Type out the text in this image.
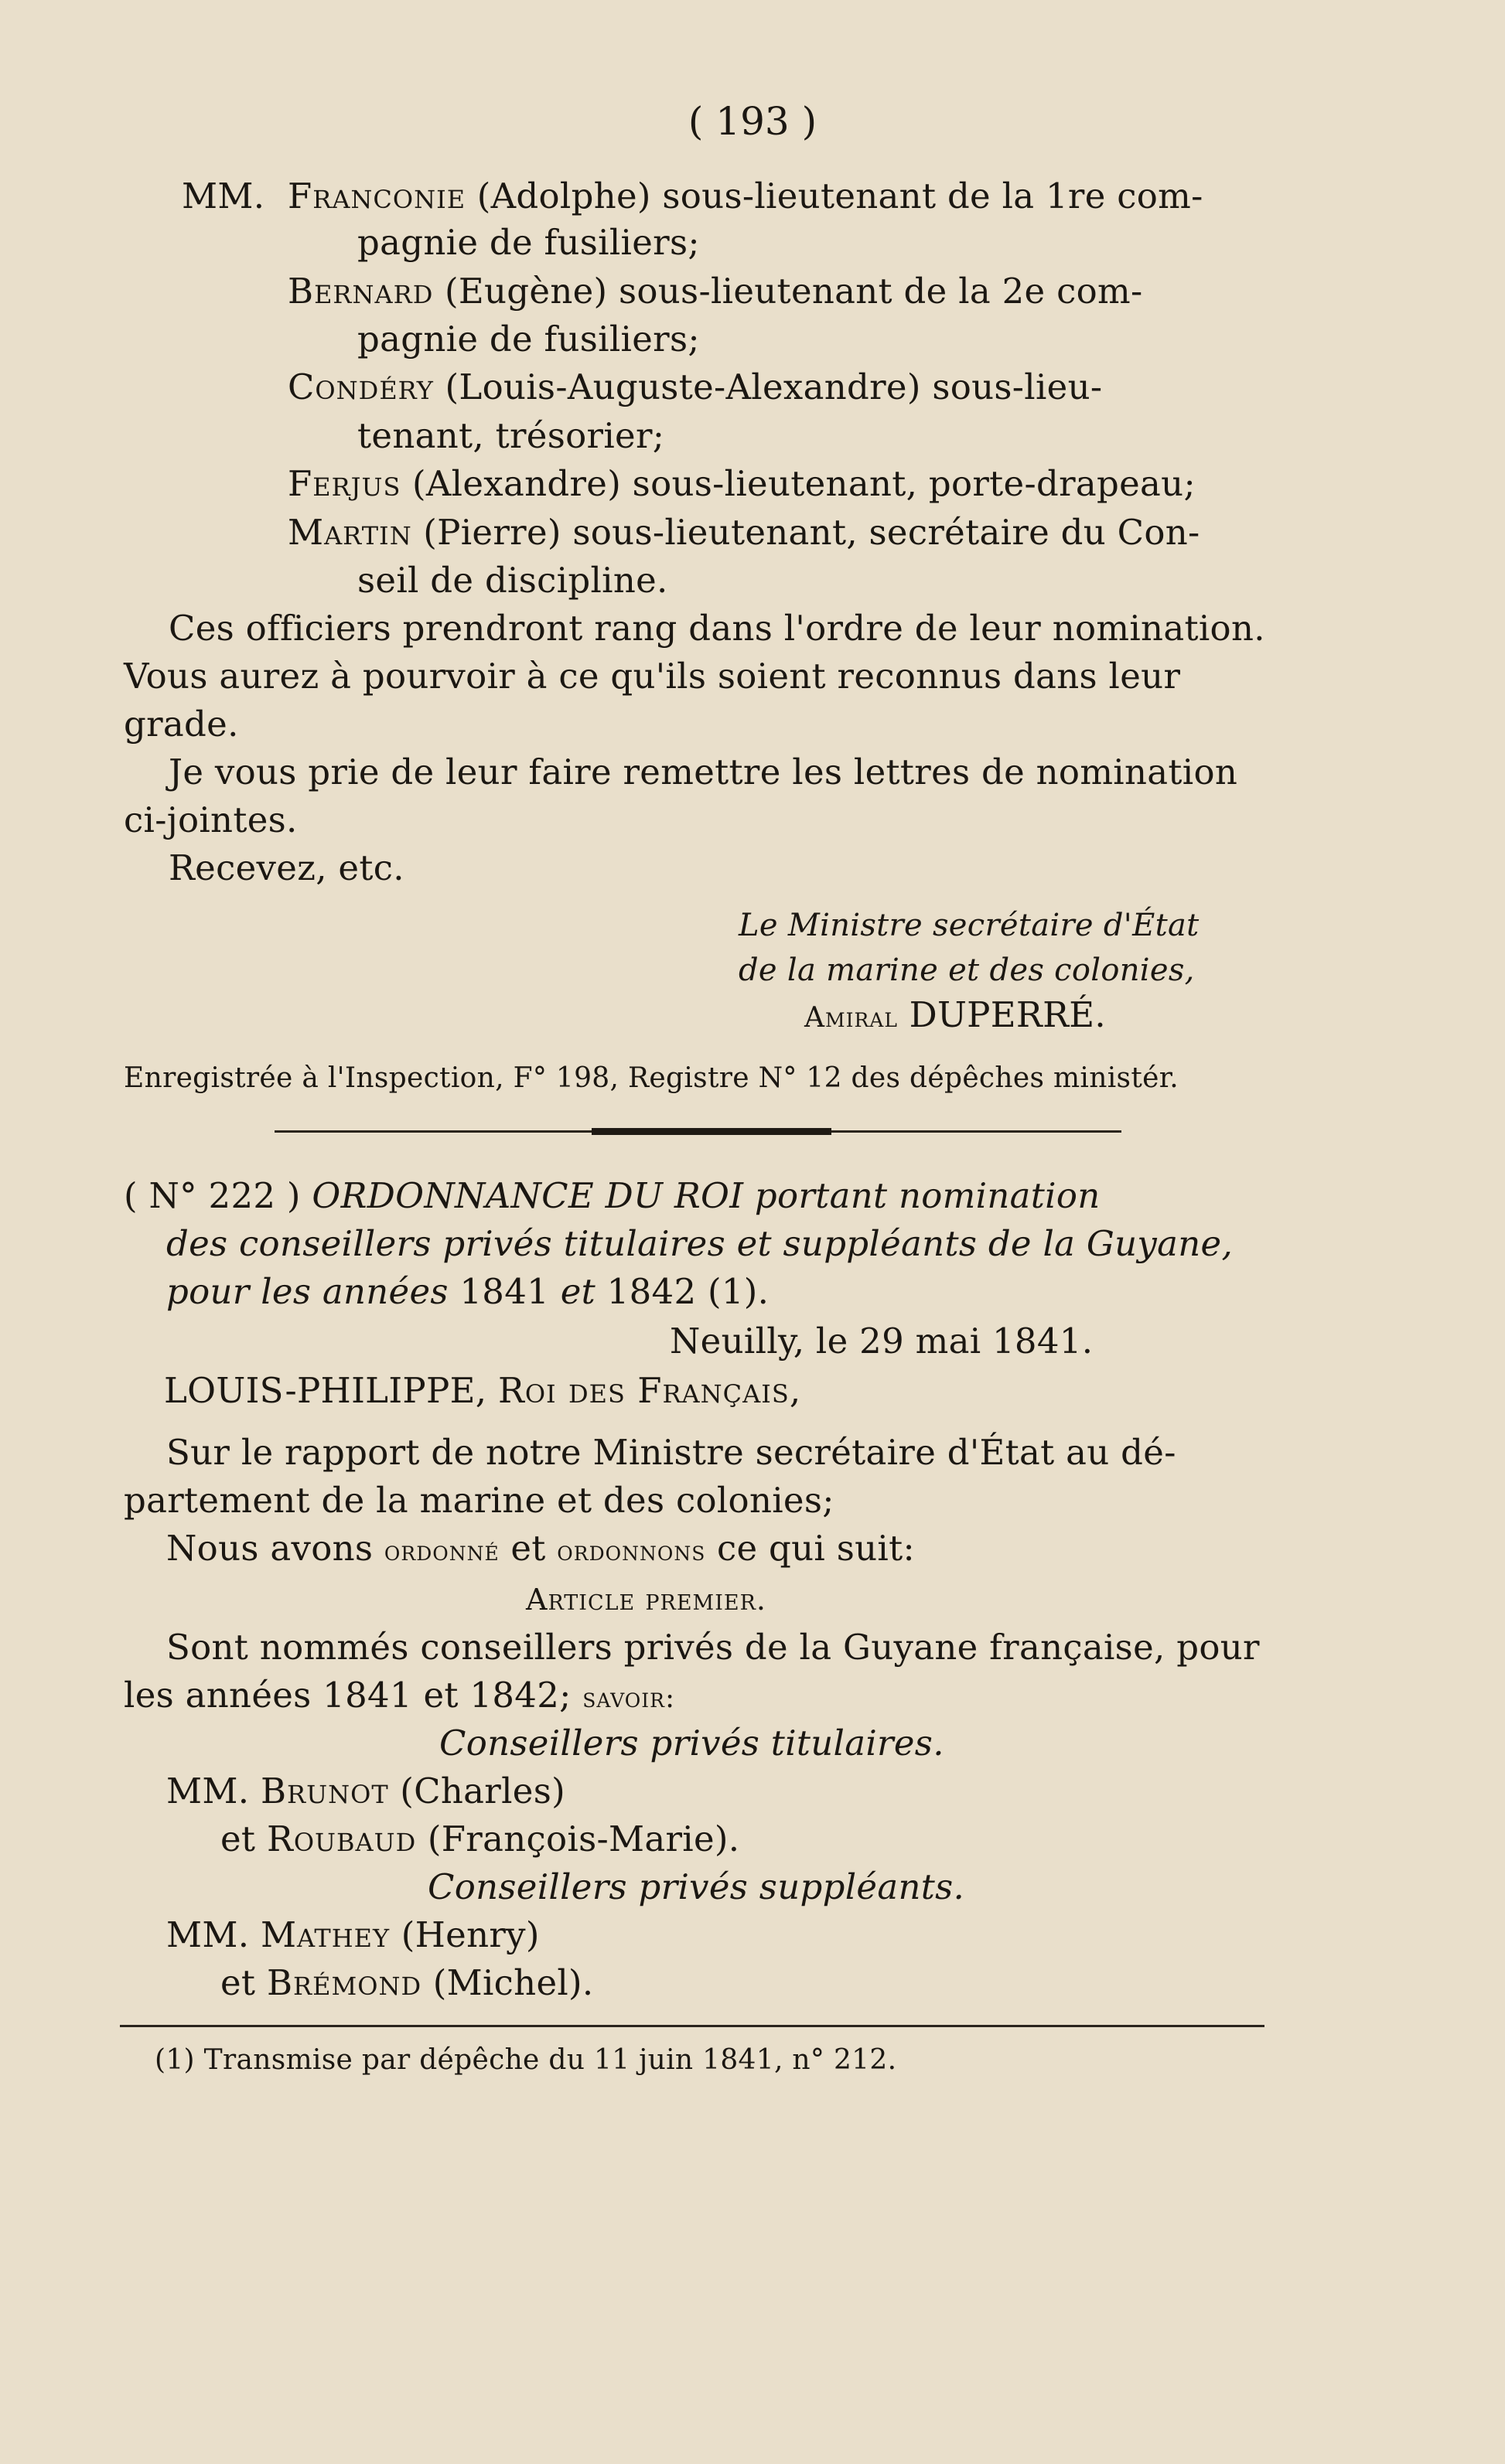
( 193 )
MM. Franconie (Adolphe) sous-lieutenant de la 1re com-
pagnie de fusiliers;
Bernard (Eugène) sous-lieutenant de la 2e com-
pagnie de fusiliers;
Condéry (Louis-Auguste-Alexandre) sous-lieu-
tenant, trésorier;
Ferjus (Alexandre) sous-lieutenant, porte-drapeau;
Martin (Pierre) sous-lieutenant, secrétaire du Con-
seil de discipline.
Ces officiers prendront rang dans l'ordre de leur nomination.
Vous aurez à pourvoir à ce qu'ils soient reconnus dans leur
grade.
Je vous prie de leur faire remettre les lettres de nomination
ci-jointes.
Recevez, etc.
Le Ministre secrétaire d'État
de la marine et des colonies,
Amiral DUPERRÉ.
Enregistrée à l'Inspection, F° 198, Registre N° 12 des dépêches ministér.
( N° 222 ) ORDONNANCE DU ROI portant nomination
des conseillers privés titulaires et suppléants de la Guyane,
pour les années 1841 et 1842 (1).
Neuilly, le 29 mai 1841.
LOUIS-PHILIPPE, Roi des Français,
Sur le rapport de notre Ministre secrétaire d'État au dé-
partement de la marine et des colonies;
Nous avons ordonné et ordonnons ce qui suit:
Article premier.
Sont nommés conseillers privés de la Guyane française, pour
les années 1841 et 1842; savoir:
Conseillers privés titulaires.
MM. Brunot (Charles)
et Roubaud (François-Marie).
Conseillers privés suppléants.
MM. Mathey (Henry)
et Brémond (Michel).
(1) Transmise par dépêche du 11 juin 1841, n° 212.
